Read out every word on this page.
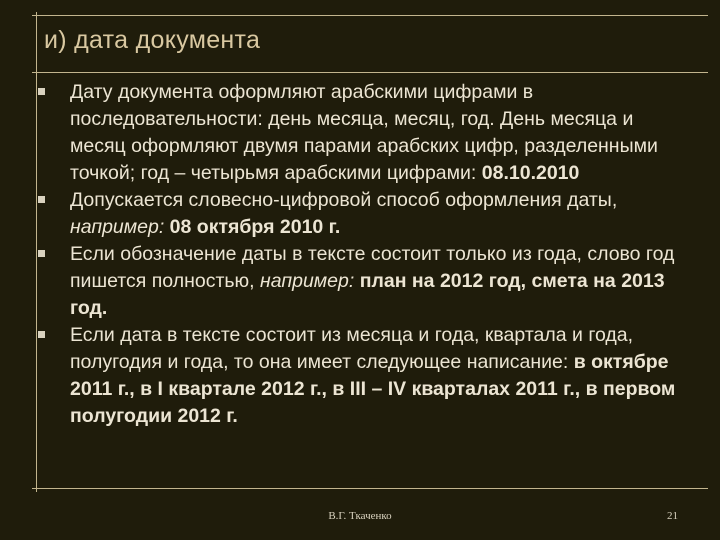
и) дата документа
Дату документа оформляют арабскими цифрами в последовательности: день месяца, месяц, год. День месяца и месяц оформляют двумя парами арабских цифр, разделенными точкой; год – четырьмя арабскими цифрами: 08.10.2010
Допускается словесно-цифровой способ оформления даты, например: 08 октября 2010 г.
Если обозначение даты в тексте состоит только из года, слово год пишется полностью, например: план на 2012 год, смета на 2013 год.
Если дата в тексте состоит из месяца и года, квартала и года, полугодия и года, то она имеет следующее написание: в октябре 2011 г., в I квартале 2012 г., в III – IV кварталах 2011 г., в первом полугодии 2012 г.
В.Г. Ткаченко	21
